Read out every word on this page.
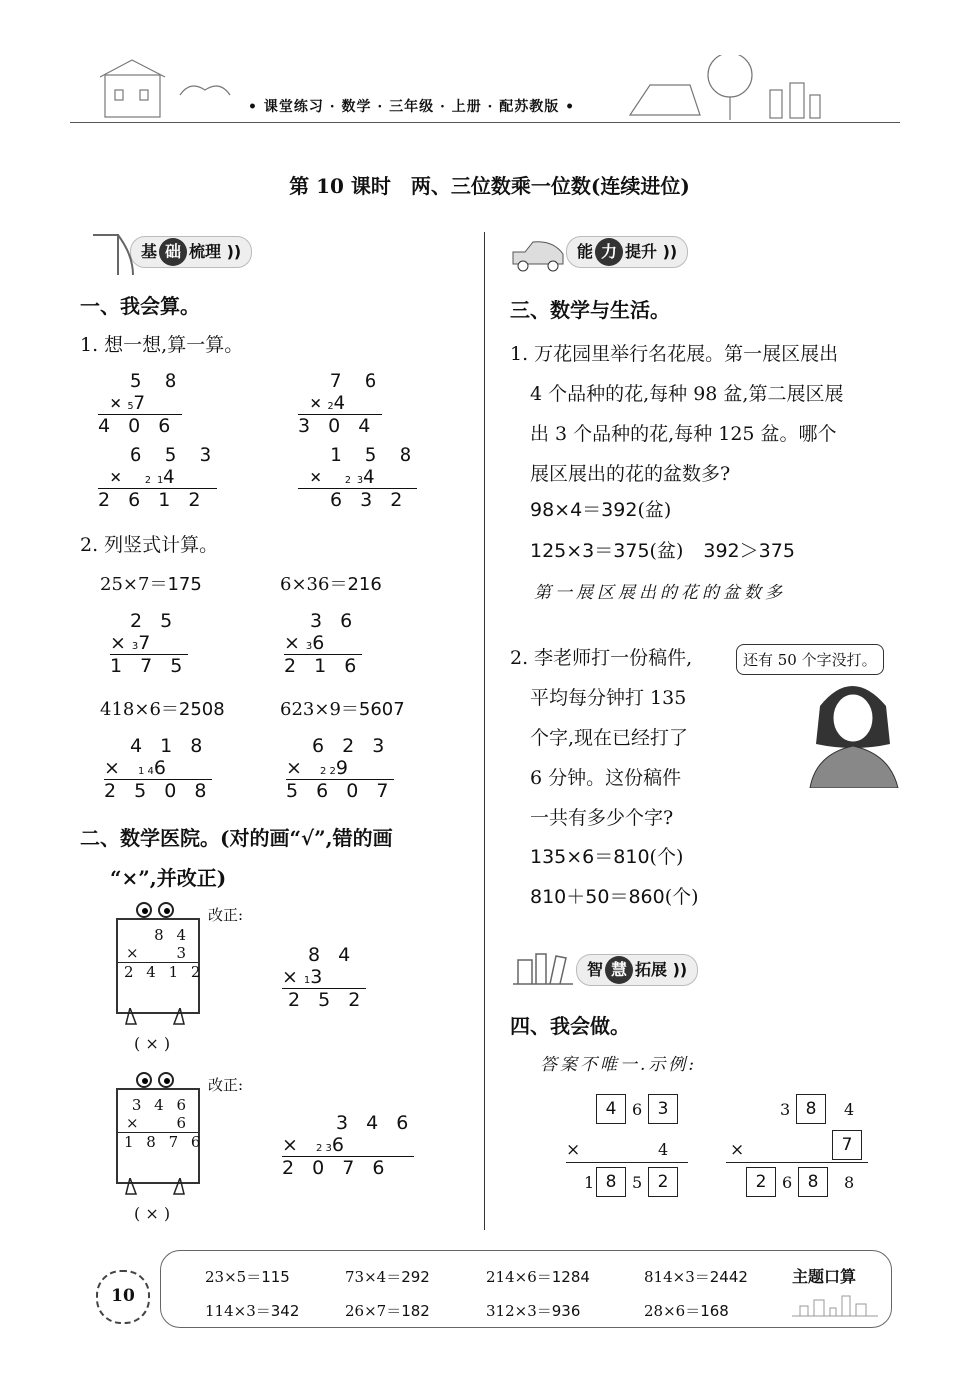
• 课堂练习 · 数学 · 三年级 · 上册 · 配苏教版 •
第 10 课时　两、三位数乘一位数(连续进位)
基 础 梳理 ))
一、我会算。
1. 想一想,算一算。
5 8
×57
4 0 6
7 6
×24
3 0 4
6 5 3
× 2 14
2 6 1 2
1 5 8
× 2 34
6 3 2
2. 列竖式计算。
25×7＝175	6×36＝216
2 5
×37
1 7 5
3 6
×36
2 1 6
418×6＝2508	623×9＝5607
4 1 8
× 1 46
2 5 0 8
6 2 3
× 2 29
5 6 0 7
二、数学医院。(对的画“√”,错的画
“×”,并改正)
8 4
× 3
2 4 1 2
( × )
改正:
8 4
×13
2 5 2
3 4 6
× 6
1 8 7 6
( × )
改正:
3 4 6
× 2 36
2 0 7 6
能 力 提升 ))
三、数学与生活。
1. 万花园里举行名花展。第一展区展出
4 个品种的花,每种 98 盆,第二展区展
出 3 个品种的花,每种 125 盆。哪个
展区展出的花的盆数多?
98×4＝392(盆)
125×3＝375(盆) 392＞375
第一展区展出的花的盆数多
2. 李老师打一份稿件,
平均每分钟打 135
个字,现在已经打了
6 分钟。这份稿件
一共有多少个字?
还有 50 个字没打。
135×6＝810(个)
810＋50＝860(个)
智 慧 拓展 ))
四、我会做。
答案不唯一.示例:
4 6 3
×	4
1 8 5 2
3 8	4
×	7
2 6 8	8
10
主题口算
23×5＝115	73×4＝292	214×6＝1284	814×3＝2442
114×3＝342	26×7＝182	312×3＝936	28×6＝168
